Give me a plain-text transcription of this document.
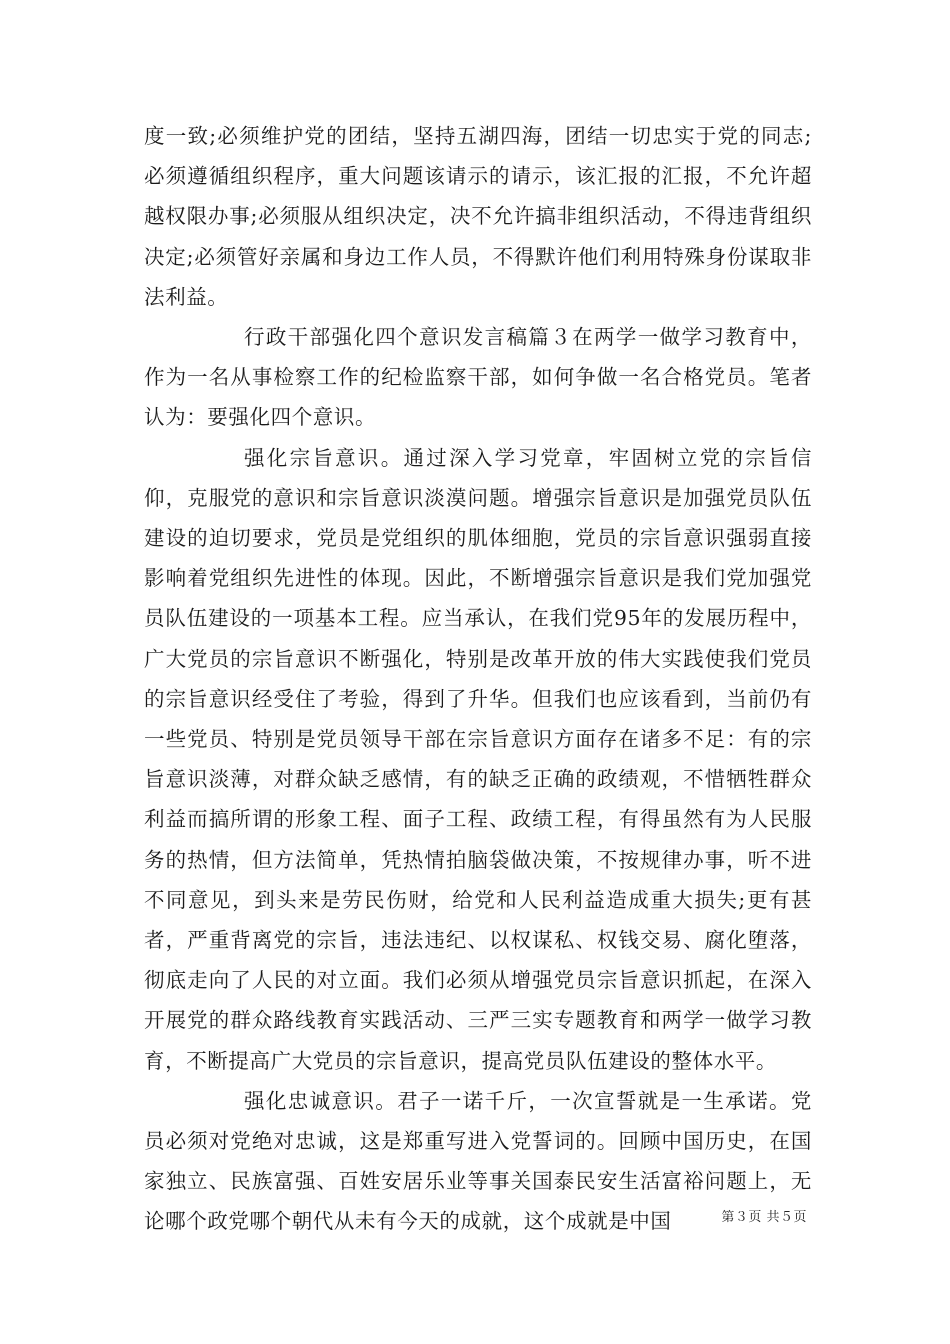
度一致;必须维护党的团结，坚持五湖四海，团结一切忠实于党的同志;必须遵循组织程序，重大问题该请示的请示，该汇报的汇报，不允许超越权限办事;必须服从组织决定，决不允许搞非组织活动，不得违背组织决定;必须管好亲属和身边工作人员，不得默许他们利用特殊身份谋取非法利益。

行政干部强化四个意识发言稿篇３在两学一做学习教育中，作为一名从事检察工作的纪检监察干部，如何争做一名合格党员。笔者认为：要强化四个意识。

强化宗旨意识。通过深入学习党章，牢固树立党的宗旨信仰，克服党的意识和宗旨意识淡漠问题。增强宗旨意识是加强党员队伍建设的迫切要求，党员是党组织的肌体细胞，党员的宗旨意识强弱直接影响着党组织先进性的体现。因此，不断增强宗旨意识是我们党加强党员队伍建设的一项基本工程。应当承认，在我们党95年的发展历程中，广大党员的宗旨意识不断强化，特别是改革开放的伟大实践使我们党员的宗旨意识经受住了考验，得到了升华。但我们也应该看到，当前仍有一些党员、特别是党员领导干部在宗旨意识方面存在诸多不足：有的宗旨意识淡薄，对群众缺乏感情，有的缺乏正确的政绩观，不惜牺牲群众利益而搞所谓的形象工程、面子工程、政绩工程，有得虽然有为人民服务的热情，但方法简单，凭热情拍脑袋做决策，不按规律办事，听不进不同意见，到头来是劳民伤财，给党和人民利益造成重大损失;更有甚者，严重背离党的宗旨，违法违纪、以权谋私、权钱交易、腐化堕落，彻底走向了人民的对立面。我们必须从增强党员宗旨意识抓起，在深入开展党的群众路线教育实践活动、三严三实专题教育和两学一做学习教育，不断提高广大党员的宗旨意识，提高党员队伍建设的整体水平。

强化忠诚意识。君子一诺千斤，一次宣誓就是一生承诺。党员必须对党绝对忠诚，这是郑重写进入党誓词的。回顾中国历史，在国家独立、民族富强、百姓安居乐业等事关国泰民安生活富裕问题上，无论哪个政党哪个朝代从未有今天的成就，这个成就是中国	第３页 共５页
